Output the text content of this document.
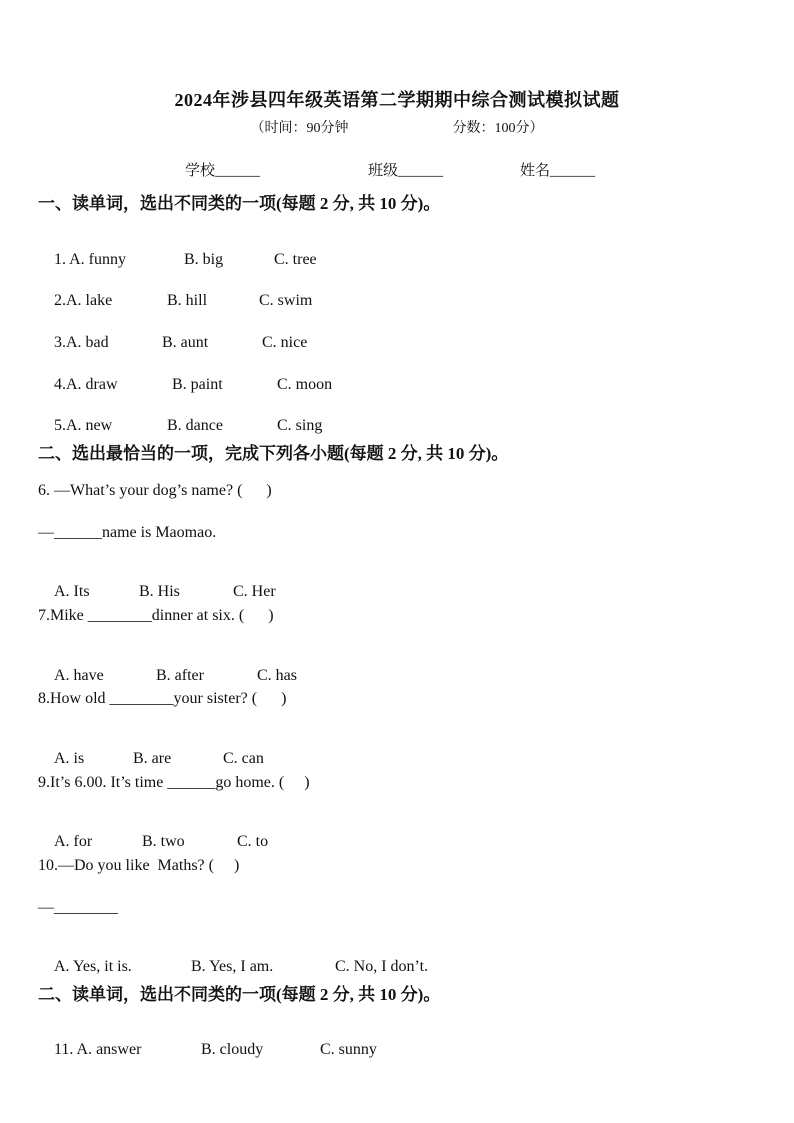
2024年涉县四年级英语第二学期期中综合测试模拟试题
（时间：90分钟	分数：100分）
学校______	班级______	姓名______
一、读单词，选出不同类的一项(每题 2 分, 共 10 分)。

1. A. funny	B. big	C. tree

2.A. lake	B. hill	C. swim

3.A. bad	B. aunt	C. nice

4.A. draw	B. paint	C. moon

5.A. new	B. dance	C. sing

二、选出最恰当的一项，完成下列各小题(每题 2 分, 共 10 分)。
6. —What’s your dog’s name? (      )
—______name is Maomao.

A. Its	B. His	C. Her

7.Mike ________dinner at six. (      )

A. have	B. after	C. has

8.How old ________your sister? (      )

A. is	B. are	C. can

9.It’s 6.00. It’s time ______go home. (     )

A. for	B. two	C. to

10.—Do you like  Maths? (     )
—________

A. Yes, it is.	B. Yes, I am.	C. No, I don’t.

二、读单词，选出不同类的一项(每题 2 分, 共 10 分)。

11. A. answer	B. cloudy	C. sunny
